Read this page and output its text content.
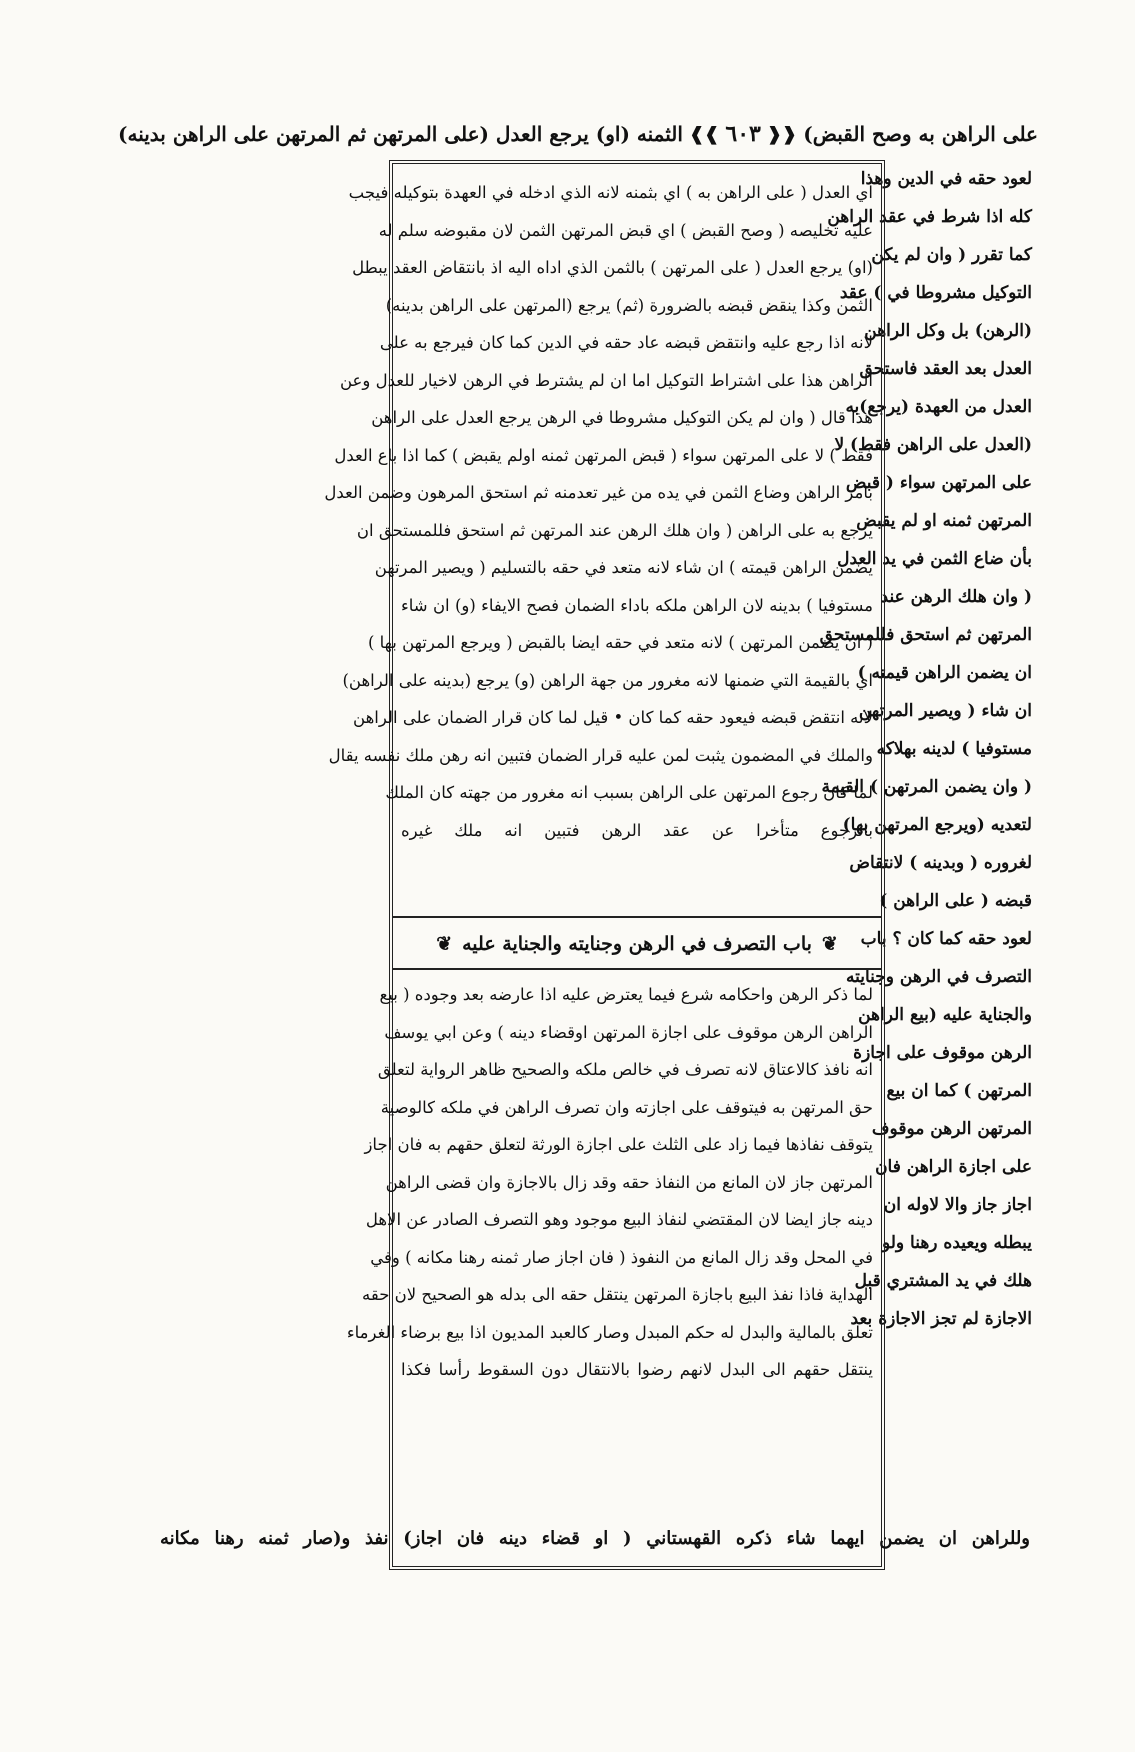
على الراهن به وصح القبض)
❰❰
٦٠٣
❱❱
الثمنه (او) يرجع العدل (على المرتهن ثم المرتهن على الراهن بدينه)

لعود حقه في الدين وهذا

كله اذا شرط في عقد الراهن

كما تقرر ( وان لم يكن

التوكيل مشروطا في ) عقد

(الرهن) بل وكل الراهن

العدل بعد العقد فاستحق

العدل من العهدة (يرجع)به

(العدل على الراهن فقط) لا

على المرتهن سواء ( قبض

المرتهن ثمنه او لم يقبض

بأن ضاع الثمن في يد العدل

( وان هلك الرهن عند

المرتهن ثم استحق فللمستحق

ان يضمن الراهن قيمته )

ان شاء ( ويصير المرتهن

مستوفيا ) لدينه بهلاكه

( وان يضمن المرتهن ) القيمة

لتعديه (ويرجع المرتهن بها)

لغروره ( وبدينه ) لانتقاض

قبضه ( على الراهن )

لعود حقه كما كان ؟ باب

التصرف في الرهن وجنايته

والجناية عليه (بيع الراهن

الرهن موقوف على اجازة

المرتهن ) كما ان بيع

المرتهن الرهن موقوف

على اجازة الراهن فان

اجاز جاز والا لاوله ان

يبطله ويعيده رهنا ولو

هلك في يد المشتري قبل

الاجازة لم تجز الاجازة بعد

اي العدل ( على الراهن به ) اي بثمنه لانه الذي ادخله في العهدة بتوكيله فيجب

عليه تخليصه ( وصح القبض ) اي قبض المرتهن الثمن لان مقبوضه سلم له

(او) يرجع العدل ( على المرتهن ) بالثمن الذي اداه اليه اذ بانتقاض العقد يبطل

الثمن وكذا ينقض قبضه بالضرورة (ثم) يرجع (المرتهن على الراهن بدينه)

لانه اذا رجع عليه وانتقض قبضه عاد حقه في الدين كما كان فيرجع به على

الراهن هذا على اشتراط التوكيل اما ان لم يشترط في الرهن لاخيار للعدل وعن

هذا قال ( وان لم يكن التوكيل مشروطا في الرهن يرجع العدل على الراهن

فقط ) لا على المرتهن سواء ( قبض المرتهن ثمنه اولم يقبض ) كما اذا باع العدل

بامر الراهن وضاع الثمن في يده من غير تعدمنه ثم استحق المرهون وضمن العدل

يرجع به على الراهن ( وان هلك الرهن عند المرتهن ثم استحق فللمستحق ان

يضمن الراهن قيمته ) ان شاء لانه متعد في حقه بالتسليم ( ويصير المرتهن

مستوفيا ) بدينه لان الراهن ملكه باداء الضمان فصح الايفاء (و) ان شاء

( ان يضمن المرتهن ) لانه متعد في حقه ايضا بالقبض ( ويرجع المرتهن بها )

اي بالقيمة التي ضمنها لانه مغرور من جهة الراهن (و) يرجع (بدينه على الراهن)

لانه انتقض قبضه فيعود حقه كما كان • قيل لما كان قرار الضمان على الراهن

والملك في المضمون يثبت لمن عليه قرار الضمان فتبين انه رهن ملك نفسه يقال

لما كان رجوع المرتهن على الراهن بسبب انه مغرور من جهته كان الملك

بالرجوع متأخرا عن عقد الرهن فتبين انه ملك غيره

❦
باب التصرف في الرهن وجنايته والجناية عليه
❦

لما ذكر الرهن واحكامه شرع فيما يعترض عليه اذا عارضه بعد وجوده ( بيع

الراهن الرهن موقوف على اجازة المرتهن اوقضاء دينه ) وعن ابي يوسف

انه نافذ كالاعتاق لانه تصرف في خالص ملكه والصحيح ظاهر الرواية لتعلق

حق المرتهن به فيتوقف على اجازته وان تصرف الراهن في ملكه كالوصية

يتوقف نفاذها فيما زاد على الثلث على اجازة الورثة لتعلق حقهم به فان اجاز

المرتهن جاز لان المانع من النفاذ حقه وقد زال بالاجازة وان قضى الراهن

دينه جاز ايضا لان المقتضي لنفاذ البيع موجود وهو التصرف الصادر عن الاهل

في المحل وقد زال المانع من النفوذ ( فان اجاز صار ثمنه رهنا مكانه ) وفي

الهداية فاذا نفذ البيع باجازة المرتهن ينتقل حقه الى بدله هو الصحيح لان حقه

تعلق بالمالية والبدل له حكم المبدل وصار كالعبد المديون اذا بيع برضاء الغرماء

ينتقل حقهم الى البدل لانهم رضوا بالانتقال دون السقوط رأسا فكذا

وللراهن ان يضمن ايهما شاء ذكره القهستاني ( او قضاء دينه فان اجاز) نفذ و(صار ثمنه رهنا مكانه
